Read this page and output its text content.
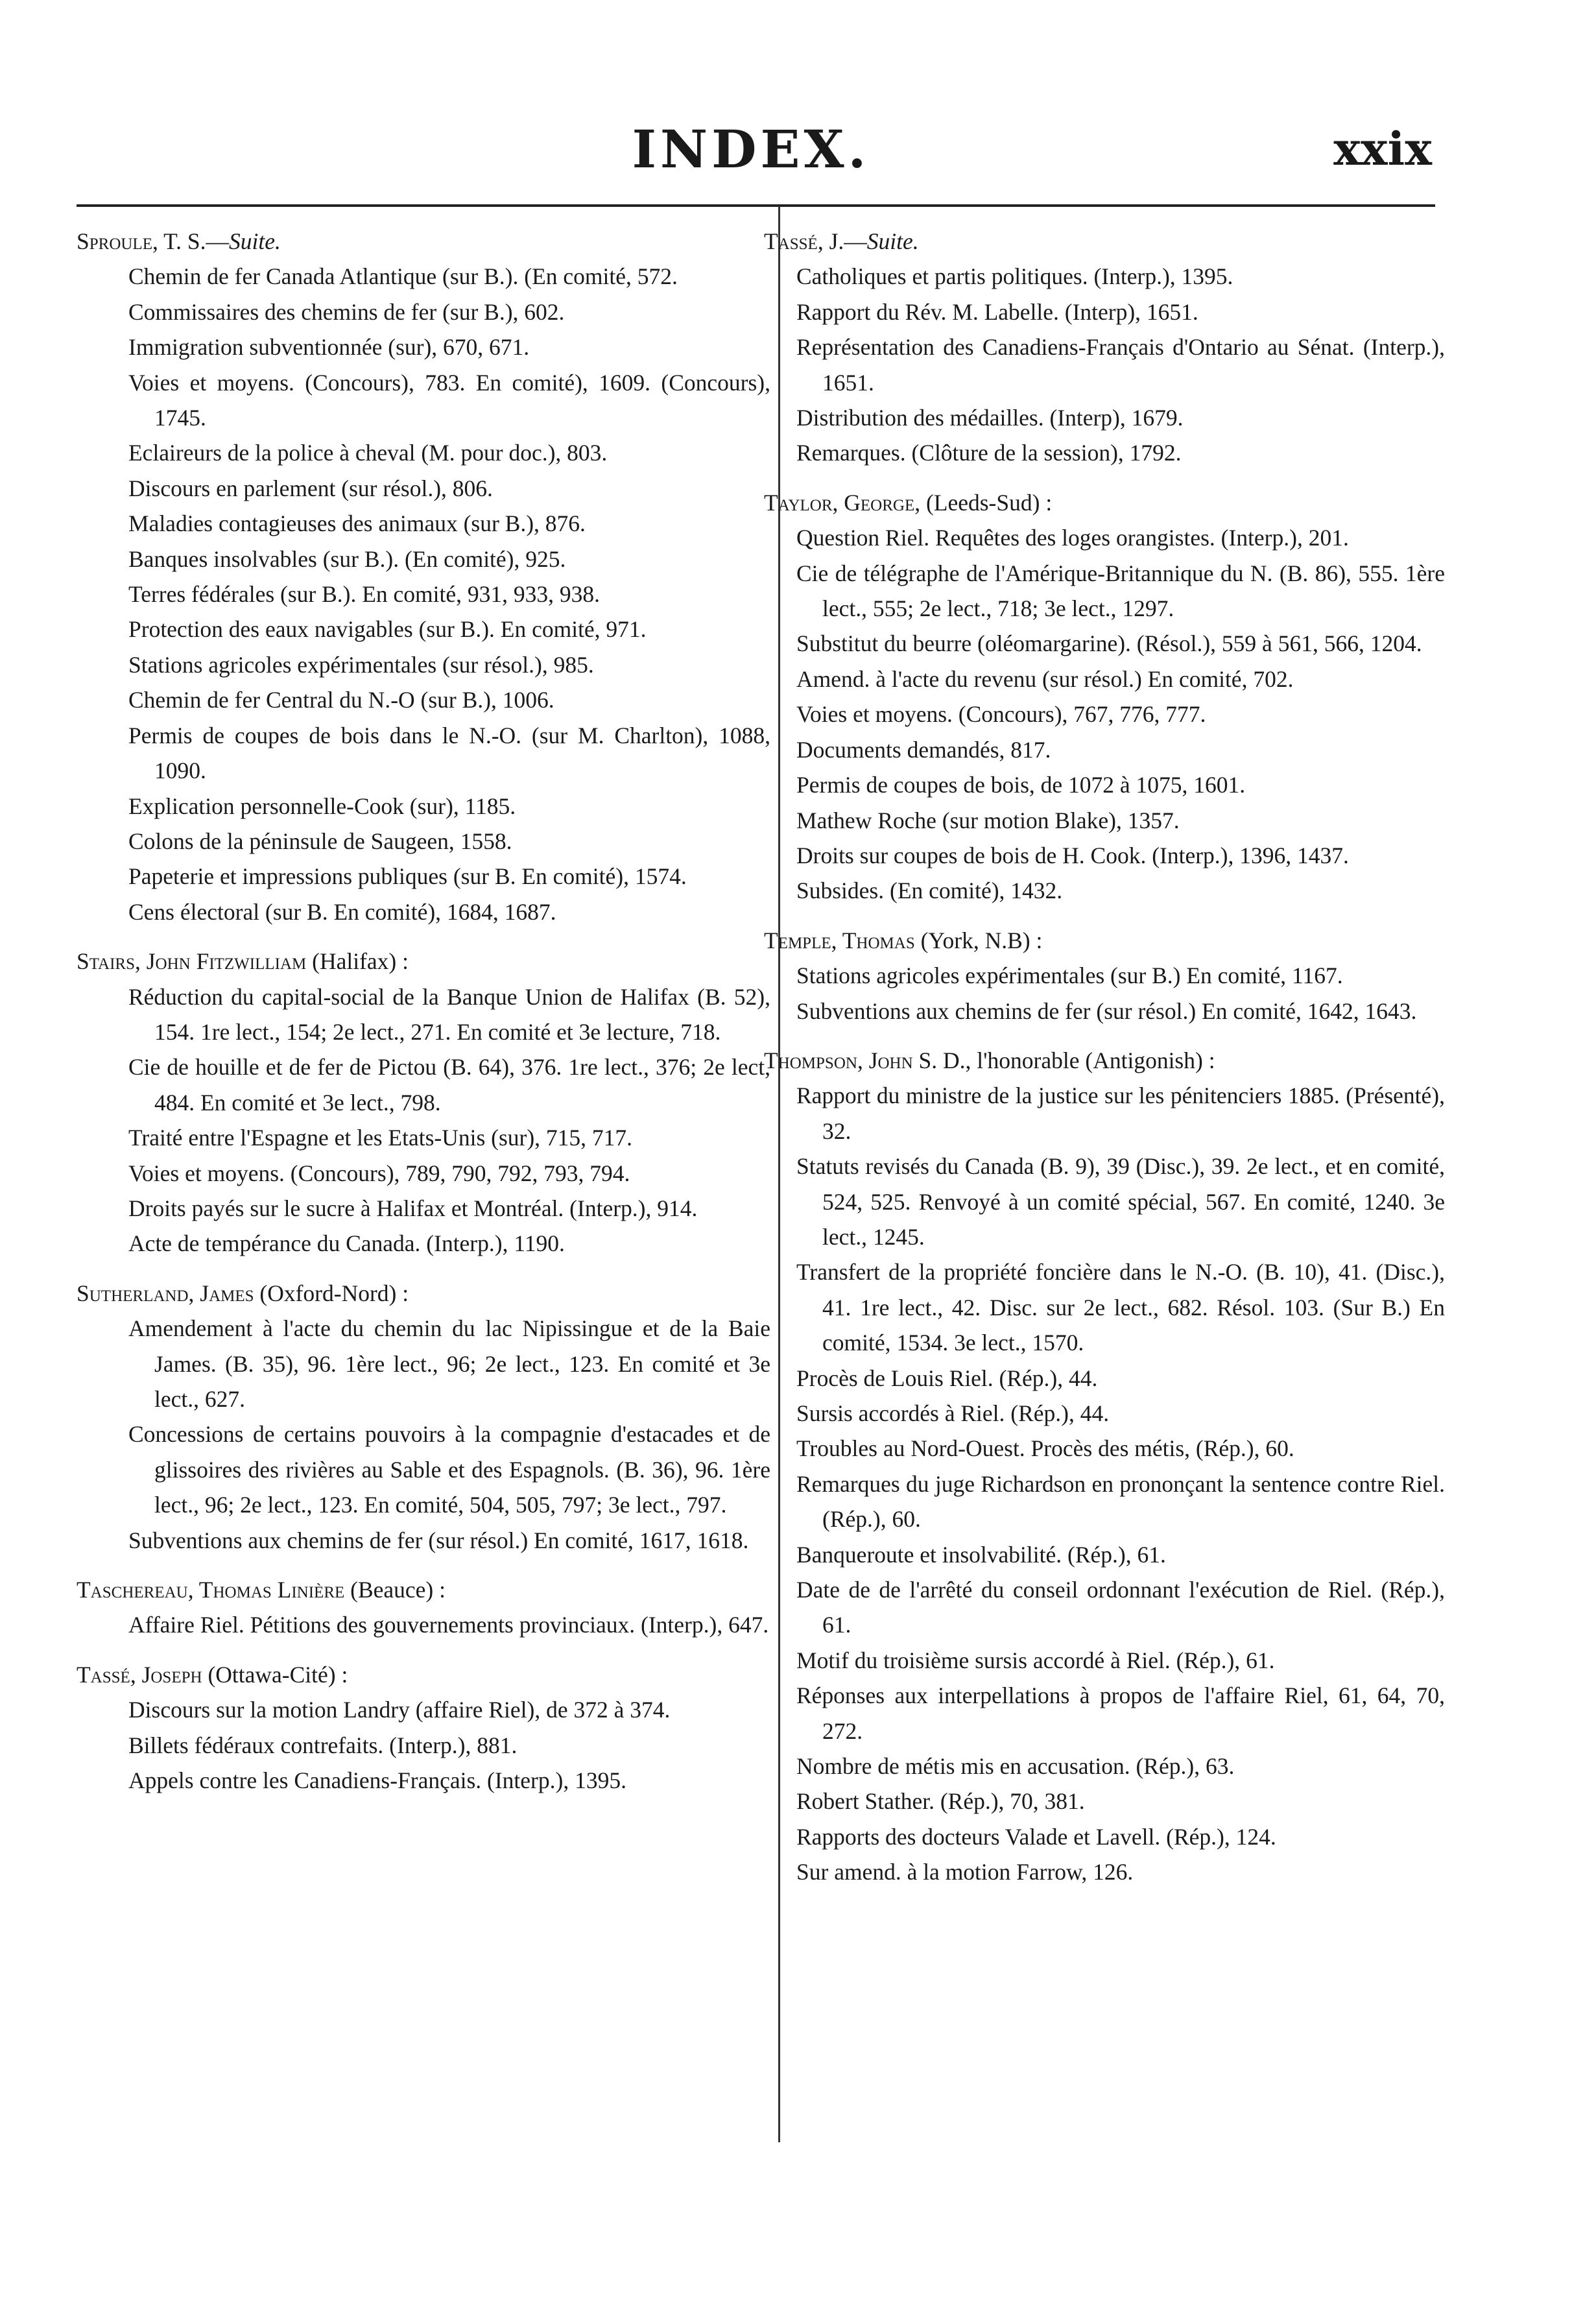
INDEX.	xxix
Sproule, T. S.—Suite.
Chemin de fer Canada Atlantique (sur B.). (En comité, 572.
Commissaires des chemins de fer (sur B.), 602.
Immigration subventionnée (sur), 670, 671.
Voies et moyens. (Concours), 783. En comité), 1609. (Concours), 1745.
Eclaireurs de la police à cheval (M. pour doc.), 803.
Discours en parlement (sur résol.), 806.
Maladies contagieuses des animaux (sur B.), 876.
Banques insolvables (sur B.). (En comité), 925.
Terres fédérales (sur B.). En comité, 931, 933, 938.
Protection des eaux navigables (sur B.). En comité, 971.
Stations agricoles expérimentales (sur résol.), 985.
Chemin de fer Central du N.-O (sur B.), 1006.
Permis de coupes de bois dans le N.-O. (sur M. Charlton), 1088, 1090.
Explication personnelle-Cook (sur), 1185.
Colons de la péninsule de Saugeen, 1558.
Papeterie et impressions publiques (sur B. En comité), 1574.
Cens électoral (sur B. En comité), 1684, 1687.
Stairs, John Fitzwilliam (Halifax) :
Réduction du capital-social de la Banque Union de Halifax (B. 52), 154. 1re lect., 154; 2e lect., 271. En comité et 3e lecture, 718.
Cie de houille et de fer de Pictou (B. 64), 376. 1re lect., 376; 2e lect, 484. En comité et 3e lect., 798.
Traité entre l'Espagne et les Etats-Unis (sur), 715, 717.
Voies et moyens. (Concours), 789, 790, 792, 793, 794.
Droits payés sur le sucre à Halifax et Montréal. (Interp.), 914.
Acte de tempérance du Canada. (Interp.), 1190.
Sutherland, James (Oxford-Nord) :
Amendement à l'acte du chemin du lac Nipissingue et de la Baie James. (B. 35), 96. 1ère lect., 96; 2e lect., 123. En comité et 3e lect., 627.
Concessions de certains pouvoirs à la compagnie d'estacades et de glissoires des rivières au Sable et des Espagnols. (B. 36), 96. 1ère lect., 96; 2e lect., 123. En comité, 504, 505, 797; 3e lect., 797.
Subventions aux chemins de fer (sur résol.) En comité, 1617, 1618.
Taschereau, Thomas Linière (Beauce) :
Affaire Riel. Pétitions des gouvernements provinciaux. (Interp.), 647.
Tassé, Joseph (Ottawa-Cité) :
Discours sur la motion Landry (affaire Riel), de 372 à 374.
Billets fédéraux contrefaits. (Interp.), 881.
Appels contre les Canadiens-Français. (Interp.), 1395.
Tassé, J.—Suite.
Catholiques et partis politiques. (Interp.), 1395.
Rapport du Rév. M. Labelle. (Interp), 1651.
Représentation des Canadiens-Français d'Ontario au Sénat. (Interp.), 1651.
Distribution des médailles. (Interp), 1679.
Remarques. (Clôture de la session), 1792.
Taylor, George, (Leeds-Sud) :
Question Riel. Requêtes des loges orangistes. (Interp.), 201.
Cie de télégraphe de l'Amérique-Britannique du N. (B. 86), 555. 1ère lect., 555; 2e lect., 718; 3e lect., 1297.
Substitut du beurre (oléomargarine). (Résol.), 559 à 561, 566, 1204.
Amend. à l'acte du revenu (sur résol.) En comité, 702.
Voies et moyens. (Concours), 767, 776, 777.
Documents demandés, 817.
Permis de coupes de bois, de 1072 à 1075, 1601.
Mathew Roche (sur motion Blake), 1357.
Droits sur coupes de bois de H. Cook. (Interp.), 1396, 1437.
Subsides. (En comité), 1432.
Temple, Thomas (York, N.B) :
Stations agricoles expérimentales (sur B.) En comité, 1167.
Subventions aux chemins de fer (sur résol.) En comité, 1642, 1643.
Thompson, John S. D., l'honorable (Antigonish) :
Rapport du ministre de la justice sur les pénitenciers 1885. (Présenté), 32.
Statuts revisés du Canada (B. 9), 39 (Disc.), 39. 2e lect., et en comité, 524, 525. Renvoyé à un comité spécial, 567. En comité, 1240. 3e lect., 1245.
Transfert de la propriété foncière dans le N.-O. (B. 10), 41. (Disc.), 41. 1re lect., 42. Disc. sur 2e lect., 682. Résol. 103. (Sur B.) En comité, 1534. 3e lect., 1570.
Procès de Louis Riel. (Rép.), 44.
Sursis accordés à Riel. (Rép.), 44.
Troubles au Nord-Ouest. Procès des métis, (Rép.), 60.
Remarques du juge Richardson en prononçant la sentence contre Riel. (Rép.), 60.
Banqueroute et insolvabilité. (Rép.), 61.
Date de de l'arrêté du conseil ordonnant l'exécution de Riel. (Rép.), 61.
Motif du troisième sursis accordé à Riel. (Rép.), 61.
Réponses aux interpellations à propos de l'affaire Riel, 61, 64, 70, 272.
Nombre de métis mis en accusation. (Rép.), 63.
Robert Stather. (Rép.), 70, 381.
Rapports des docteurs Valade et Lavell. (Rép.), 124.
Sur amend. à la motion Farrow, 126.
